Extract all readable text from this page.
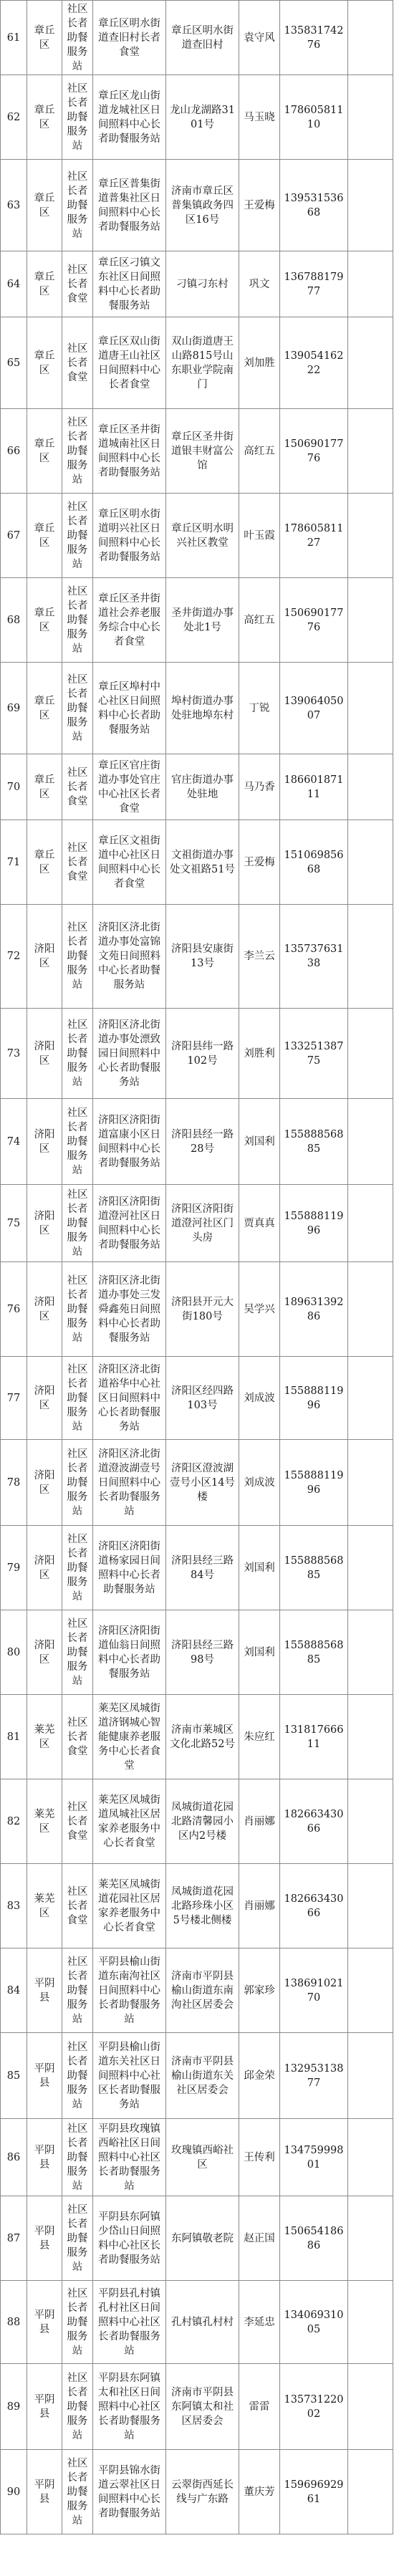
61	章丘区	社区长者助餐服务站	章丘区明水街道查旧村长者食堂	章丘区明水街道查旧村	袁守风	13583174276	
62	章丘区	社区长者助餐服务站	章丘区龙山街道龙城社区日间照料中心长者助餐服务站	龙山龙湖路3101号	马玉晓	17860581110	
63	章丘区	社区长者助餐服务站	章丘区普集街道普集社区日间照料中心长者助餐服务站	济南市章丘区普集镇政务四区16号	王爱梅	13953153668	
64	章丘区	社区长者食堂	章丘区刁镇文东社区日间照料中心长者助餐服务站	刁镇刁东村	巩文	13678817977	
65	章丘区	社区长者食堂	章丘区双山街道唐王山社区日间照料中心长者食堂	双山街道唐王山路815号山东职业学院南门	刘加胜	13905416222	
66	章丘区	社区长者助餐服务站	章丘区圣井街道城南社区日间照料中心长者助餐服务站	章丘区圣井街道银丰财富公馆	高红五	15069017776	
67	章丘区	社区长者助餐服务站	章丘区明水街道明兴社区日间照料中心长者助餐服务站	章丘区明水明兴社区教堂	叶玉霞	17860581127	
68	章丘区	社区长者助餐服务站	章丘区圣井街道社会养老服务综合中心长者食堂	圣井街道办事处北1号	高红五	15069017776	
69	章丘区	社区长者助餐服务站	章丘区埠村中心社区日间照料中心长者助餐服务站	埠村街道办事处驻地埠东村	丁锐	13906405007	
70	章丘区	社区长者食堂	章丘区官庄街道办事处官庄中心社区长者食堂	官庄街道办事处驻地	马乃香	18660187111	
71	章丘区	社区长者食堂	章丘区文祖街道中心社区日间照料中心长者食堂	文祖街道办事处文祖路51号	王爱梅	15106985668	
72	济阳区	社区长者助餐服务站	济阳区济北街道办事处富锦文苑日间照料中心长者助餐服务站	济阳县安康街13号	李兰云	13573763138	
73	济阳区	社区长者助餐服务站	济阳区济北街道办事处漂致园日间照料中心长者助餐服务站	济阳县纬一路102号	刘胜利	13325138775	
74	济阳区	社区长者助餐服务站	济阳区济阳街道富康小区日间照料中心长者助餐服务站	济阳县经一路28号	刘国利	15588856885	
75	济阳区	社区长者助餐服务站	济阳区济阳街道澄河社区日间照料中心长者助餐服务站	济阳区济阳街道澄河社区门头房	贾真真	15588811996	
76	济阳区	社区长者助餐服务站	济阳区济北街道办事处三发舜鑫苑日间照料中心长者助餐服务站	济阳县开元大街180号	吴学兴	18963139286	
77	济阳区	社区长者助餐服务站	济阳区济北街道裕华中心社区日间照料中心长者助餐服务站	济阳区经四路103号	刘成波	15588811996	
78	济阳区	社区长者助餐服务站	济阳区济北街道澄波湖壹号日间照料中心长者助餐服务站	济阳区澄波湖壹号小区14号楼	刘成波	15588811996	
79	济阳区	社区长者助餐服务站	济阳区济阳街道杨家园日间照料中心长者助餐服务站	济阳县经三路84号	刘国利	15588856885	
80	济阳区	社区长者助餐服务站	济阳区济阳街道仙翁日间照料中心长者助餐服务站	济阳县经三路98号	刘国利	15588856885	
81	莱芜区	社区长者食堂	莱芜区凤城街道济钢城心智能健康养老服务中心长者食堂	济南市莱城区文化北路52号	朱应红	13181766611	
82	莱芜区	社区长者食堂	莱芜区凤城街道凤城社区居家养老服务中心长者食堂	凤城街道花园北路清馨园小区内2号楼	肖丽娜	18266343066	
83	莱芜区	社区长者食堂	莱芜区凤城街道花园社区居家养老服务中心长者食堂	凤城街道花园北路珍珠小区5号楼北侧楼	肖丽娜	18266343066	
84	平阴县	社区长者助餐服务站	平阴县榆山街道东南泃社区日间照料中心长者助餐服务站	济南市平阴县榆山街道东南泃社区居委会	郭家珍	13869102170	
85	平阴县	社区长者助餐服务站	平阴县榆山街道东关社区日间照料中心社区长者助餐服务站	济南市平阴县榆山街道东关社区居委会	邱金荣	13295313877	
86	平阴县	社区长者助餐服务站	平阴县玫瑰镇西峪社区日间照料中心社区长者助餐服务站	玫瑰镇西峪社区	王传利	13475999801	
87	平阴县	社区长者助餐服务站	平阴县东阿镇少岱山日间照料中心社区长者助餐服务站	东阿镇敬老院	赵正国	15065418686	
88	平阴县	社区长者助餐服务站	平阴县孔村镇孔村社区日间照料中心社区长者助餐服务站	孔村镇孔村村	李延忠	13406931005	
89	平阴县	社区长者助餐服务站	平阴县东阿镇太和社区日间照料中心社区长者助餐服务站	济南市平阴县东阿镇太和社区居委会	雷雷	13573122002	
90	平阴县	社区长者助餐服务站	平阴县锦水街道云翠社区日间照料中心长者助餐服务站	云翠街西延长线与广东路	董庆芳	15969692961	
